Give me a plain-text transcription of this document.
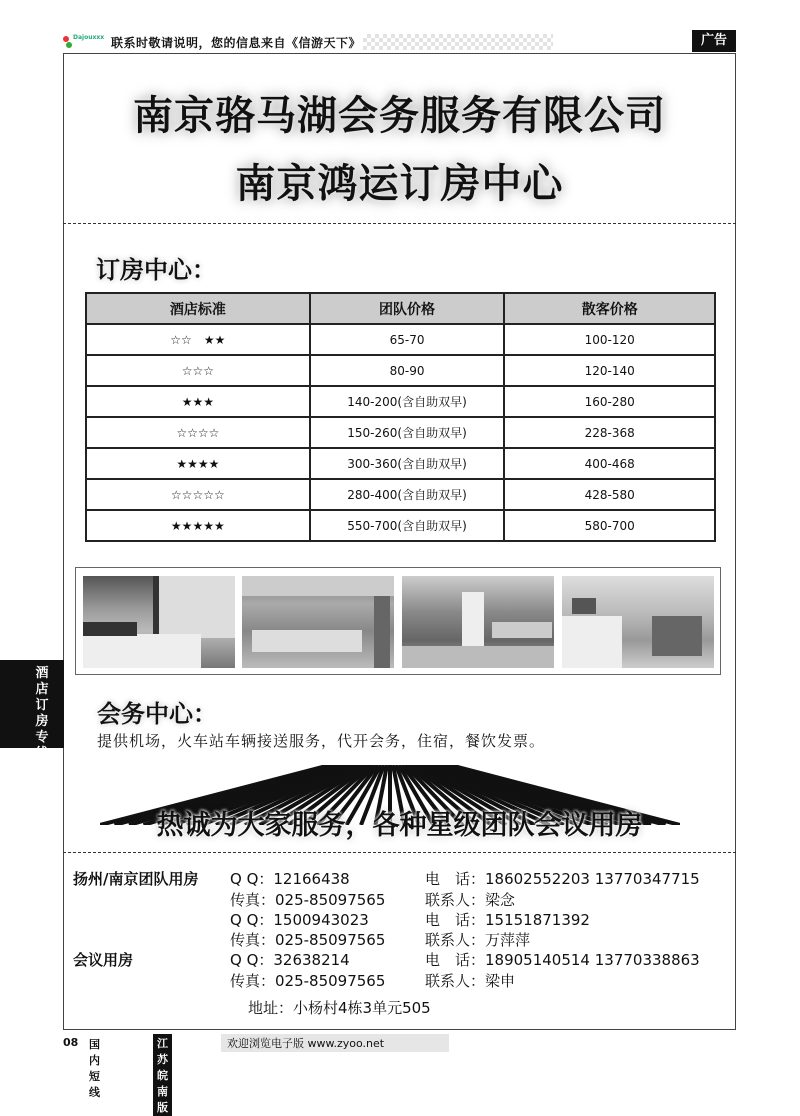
Dajouxxx 联系时敬请说明，您的信息来自《信游天下》	广告
酒
店
订
房
专
线
南京骆马湖会务服务有限公司
南京鸿运订房中心
订房中心：
酒店标准	团队价格	散客价格
☆☆　★★	65-70	100-120
☆☆☆	80-90	120-140
★★★	140-200(含自助双早)	160-280
☆☆☆☆	150-260(含自助双早)	228-368
★★★★	300-360(含自助双早)	400-468
☆☆☆☆☆	280-400(含自助双早)	428-580
★★★★★	550-700(含自助双早)	580-700
会务中心：
提供机场，火车站车辆接送服务，代开会务，住宿，餐饮发票。
热诚为大家服务，各种星级团队会议用房
扬州/南京团队用房 Q Q：12166438	电　话：18602552203 13770347715
传真：025-85097565	联系人：梁念
Q Q：1500943023	电　话：15151871392
传真：025-85097565	联系人：万萍萍
会议用房	Q Q：32638214	电　话：18905140514 13770338863
传真：025-85097565	联系人：梁申
地址：小杨村4栋3单元505
08 国内短线
江苏皖南版
欢迎浏览电子版 www.zyoo.net
